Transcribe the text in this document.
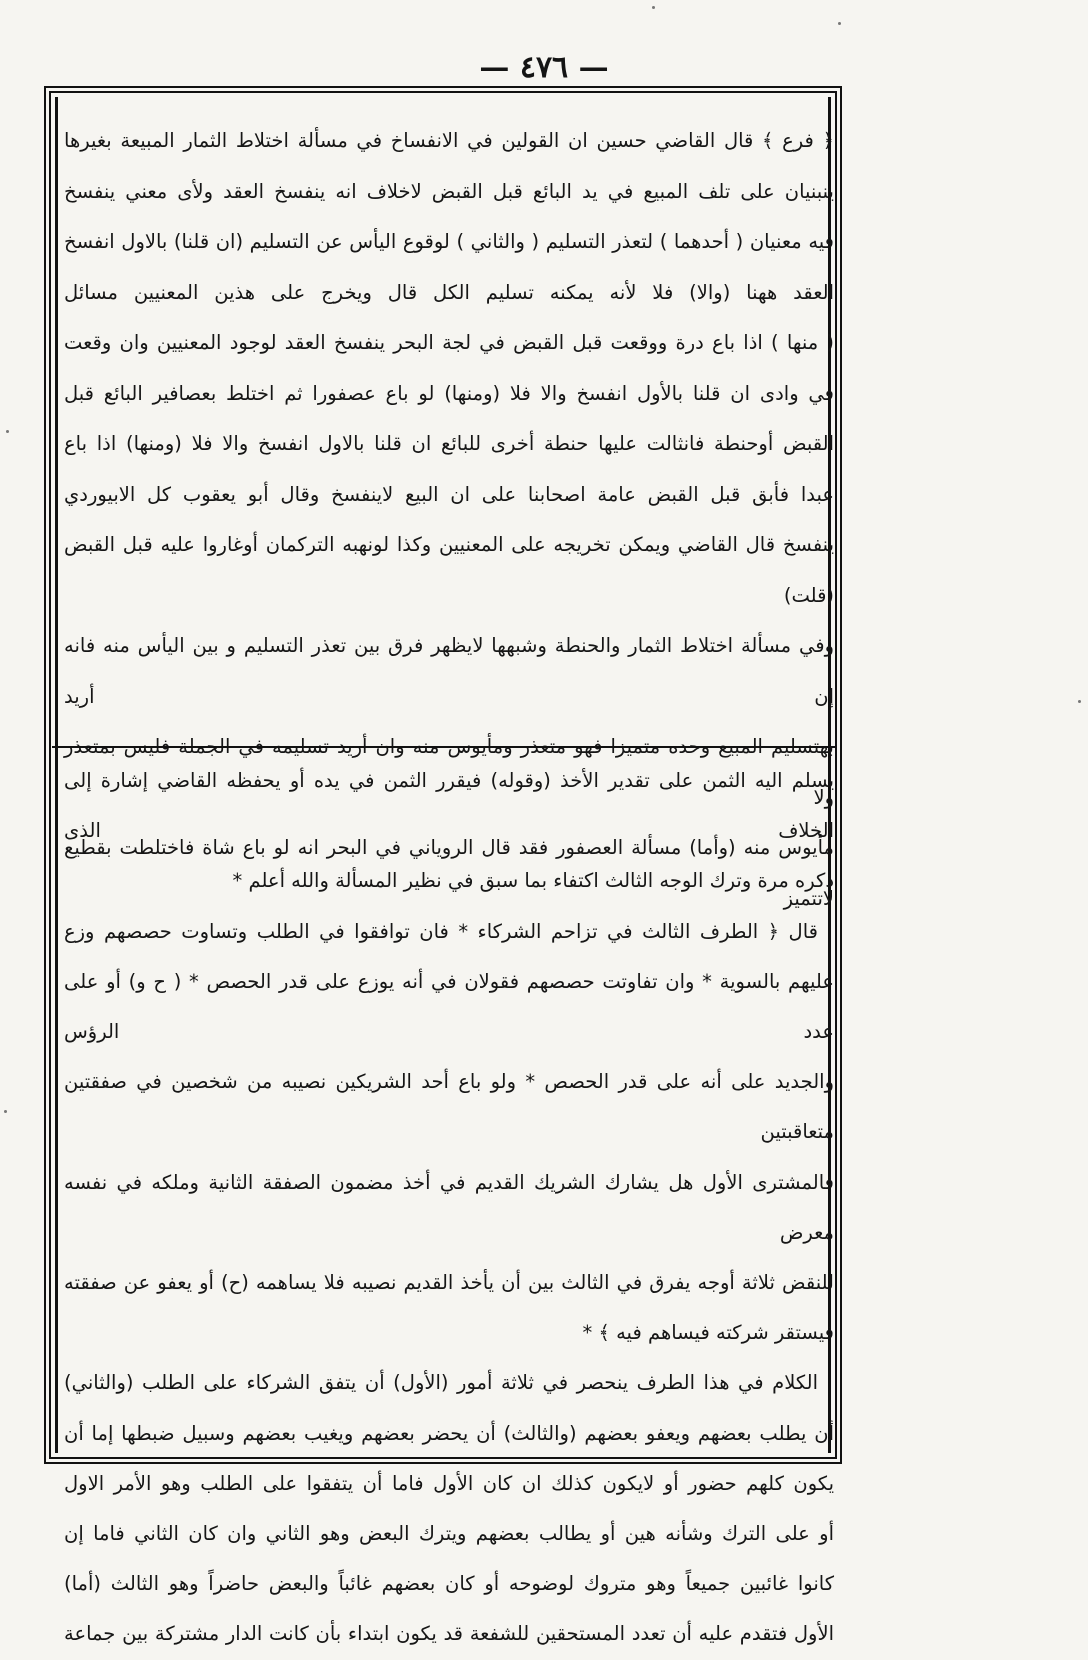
— ٤٧٦ —

﴿ فرع ﴾ قال القاضي حسين ان القولين في الانفساخ في مسألة اختلاط الثمار المبيعة بغيرها

ينبنيان على تلف المبيع في يد البائع قبل القبض لاخلاف انه ينفسخ العقد ولأى معني ينفسخ

فيه معنيان ( أحدهما ) لتعذر التسليم ( والثاني ) لوقوع اليأس عن التسليم (ان قلنا) بالاول انفسخ

العقد ههنا (والا) فلا لأنه يمكنه تسليم الكل قال ويخرج على هذين المعنيين مسائل

( منها ) اذا باع درة ووقعت قبل القبض في لجة البحر ينفسخ العقد لوجود المعنيين وان وقعت

في وادى ان قلنا بالأول انفسخ والا فلا (ومنها) لو باع عصفورا ثم اختلط بعصافير البائع قبل

القبض أوحنطة فانثالت عليها حنطة أخرى للبائع ان قلنا بالاول انفسخ والا فلا (ومنها) اذا باع

عبدا فأبق قبل القبض عامة اصحابنا على ان البيع لاينفسخ وقال أبو يعقوب كل الابيوردي

ينفسخ قال القاضي ويمكن تخريجه على المعنيين وكذا لونهبه التركمان أوغاروا عليه قبل القبض (قلت)

وفي مسألة اختلاط الثمار والحنطة وشبهها لايظهر فرق بين تعذر التسليم و بين اليأس منه فانه إن أريد

بهتسليم المبيع وحده متميزا فهو متعذر ومأيوس منه وان أريد تسليمه في الجملة فليس بمتعذر ولا

مأيوس منه (وأما) مسألة العصفور فقد قال الروياني في البحر انه لو باع شاة فاختلطت بقطيع لاتتميز

يسلم اليه الثمن على تقدير الأخذ (وقوله) فيقرر الثمن في يده أو يحفظه القاضي إشارة إلى الخلاف الذى

ذكره مرة وترك الوجه الثالث اكتفاء بما سبق في نظير المسألة والله أعلم *

قال ﴿ الطرف الثالث في تزاحم الشركاء * فان توافقوا في الطلب وتساوت حصصهم وزع

عليهم بالسوية * وان تفاوتت حصصهم فقولان في أنه يوزع على قدر الحصص * ( ح و) أو على عدد الرؤس

والجديد على أنه على قدر الحصص * ولو باع أحد الشريكين نصيبه من شخصين في صفقتين متعاقبتين

فالمشترى الأول هل يشارك الشريك القديم في أخذ مضمون الصفقة الثانية وملكه في نفسه معرض

للنقض ثلاثة أوجه يفرق في الثالث بين أن يأخذ القديم نصيبه فلا يساهمه (ح) أو يعفو عن صفقته

فيستقر شركته فيساهم فيه ﴾ *

الكلام في هذا الطرف ينحصر في ثلاثة أمور (الأول) أن يتفق الشركاء على الطلب (والثاني)

أن يطلب بعضهم ويعفو بعضهم (والثالث) أن يحضر بعضهم ويغيب بعضهم وسبيل ضبطها إما أن

يكون كلهم حضور أو لايكون كذلك ان كان الأول فاما أن يتفقوا على الطلب وهو الأمر الاول

أو على الترك وشأنه هين أو يطالب بعضهم ويترك البعض وهو الثاني وان كان الثاني فاما إن

كانوا غائبين جميعاً وهو متروك لوضوحه أو كان بعضهم غائباً والبعض حاضراً وهو الثالث (أما)

الأول فتقدم عليه أن تعدد المستحقين للشفعة قد يكون ابتداء بأن كانت الدار مشتركة بين جماعة
